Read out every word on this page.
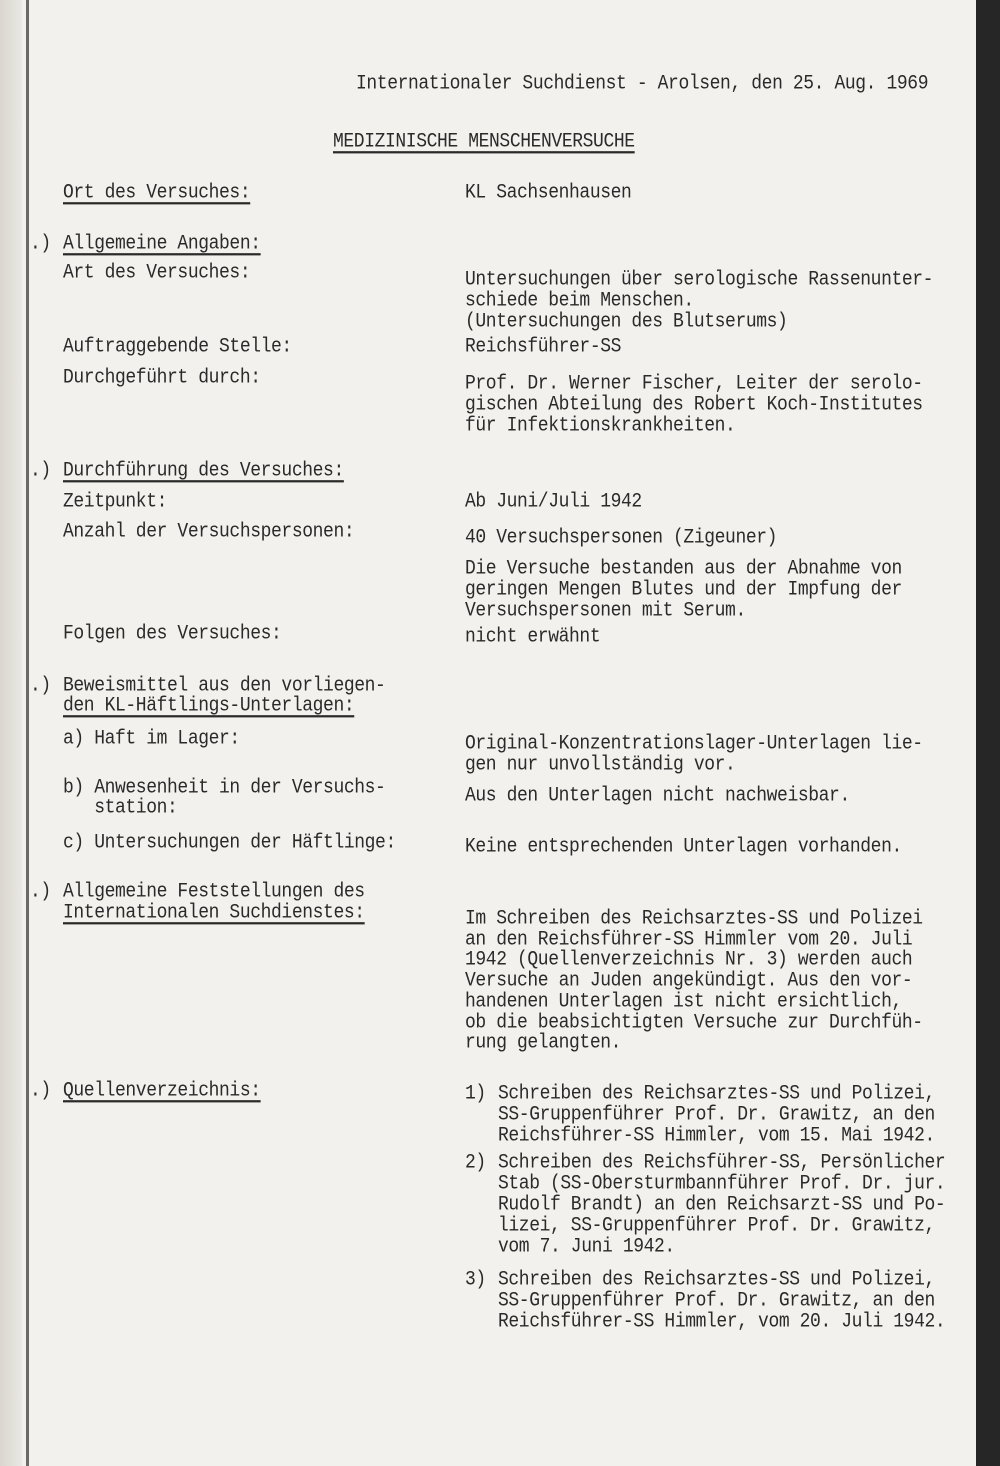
Internationaler Suchdienst - Arolsen, den 25. Aug. 1969
MEDIZINISCHE MENSCHENVERSUCHE
Ort des Versuches:	KL Sachsenhausen
.) Allgemeine Angaben:
Art des Versuches:	Untersuchungen über serologische Rassenunter-
schiede beim Menschen.
(Untersuchungen des Blutserums)
Auftraggebende Stelle:	Reichsführer-SS
Durchgeführt durch:	Prof. Dr. Werner Fischer, Leiter der serolo-
gischen Abteilung des Robert Koch-Institutes
für Infektionskrankheiten.
.) Durchführung des Versuches:
Zeitpunkt:	Ab Juni/Juli 1942
Anzahl der Versuchspersonen:	40 Versuchspersonen (Zigeuner)
Die Versuche bestanden aus der Abnahme von
geringen Mengen Blutes und der Impfung der
Versuchspersonen mit Serum.
Folgen des Versuches:	nicht erwähnt
.) Beweismittel aus den vorliegen-
den KL-Häftlings-Unterlagen:
a) Haft im Lager:	Original-Konzentrationslager-Unterlagen lie-
gen nur unvollständig vor.
b) Anwesenheit in der Versuchs-
station:
Aus den Unterlagen nicht nachweisbar.
c) Untersuchungen der Häftlinge:	Keine entsprechenden Unterlagen vorhanden.
.) Allgemeine Feststellungen des
Internationalen Suchdienstes:	Im Schreiben des Reichsarztes-SS und Polizei
an den Reichsführer-SS Himmler vom 20. Juli
1942 (Quellenverzeichnis Nr. 3) werden auch
Versuche an Juden angekündigt. Aus den vor-
handenen Unterlagen ist nicht ersichtlich,
ob die beabsichtigten Versuche zur Durchfüh-
rung gelangten.
.) Quellenverzeichnis:	1) Schreiben des Reichsarztes-SS und Polizei,
SS-Gruppenführer Prof. Dr. Grawitz, an den
Reichsführer-SS Himmler, vom 15. Mai 1942.
2) Schreiben des Reichsführer-SS, Persönlicher
Stab (SS-Obersturmbannführer Prof. Dr. jur.
Rudolf Brandt) an den Reichsarzt-SS und Po-
lizei, SS-Gruppenführer Prof. Dr. Grawitz,
vom 7. Juni 1942.
3) Schreiben des Reichsarztes-SS und Polizei,
SS-Gruppenführer Prof. Dr. Grawitz, an den
Reichsführer-SS Himmler, vom 20. Juli 1942.
